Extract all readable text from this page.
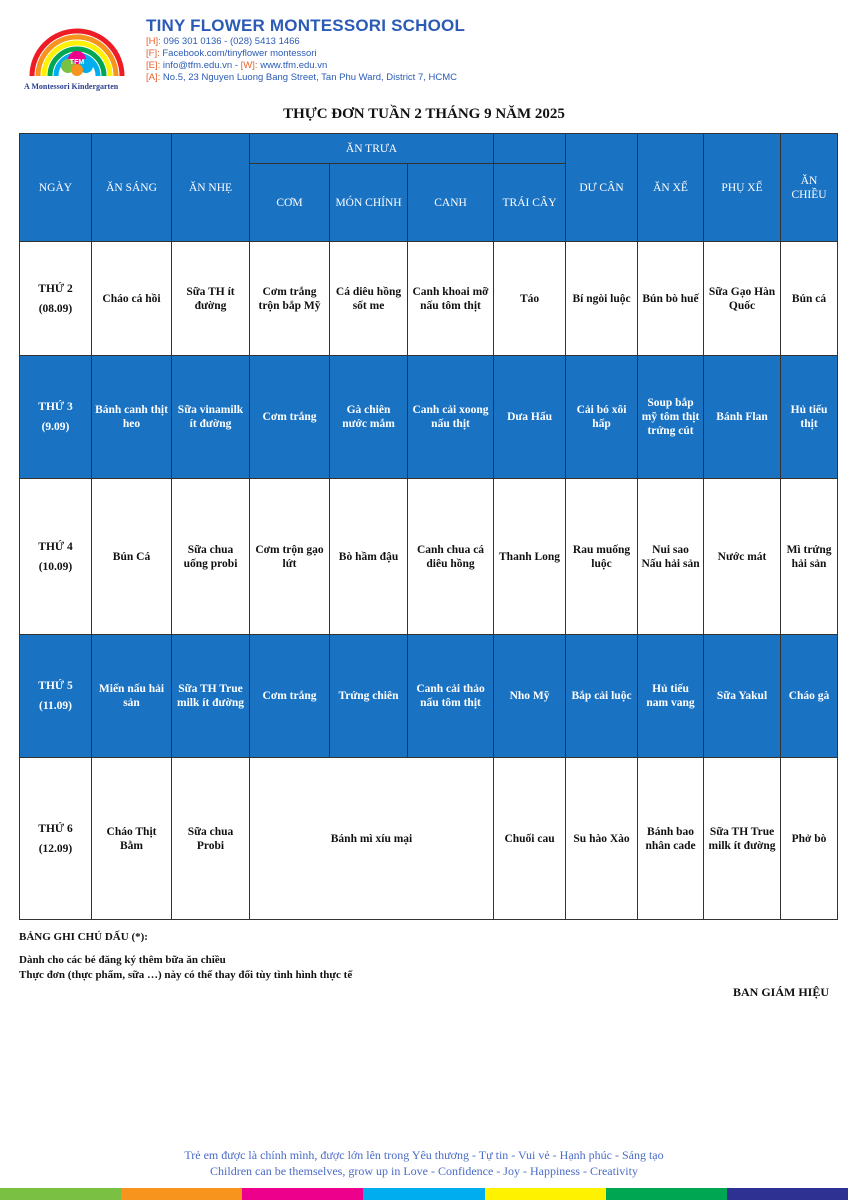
TFM
A Montessori Kindergarten
TINY FLOWER MONTESSORI SCHOOL
[H]: 096 301 0136 - (028) 5413 1466
[F]: Facebook.com/tinyflower montessori
[E]: info@tfm.edu.vn - [W]: www.tfm.edu.vn
[A]: No.5, 23 Nguyen Luong Bang Street, Tan Phu Ward, District 7, HCMC
THỰC ĐƠN TUẦN 2 THÁNG 9 NĂM 2025
NGÀY	ĂN SÁNG	ĂN NHẸ	ĂN TRƯA				DƯ CÂN	ĂN XẾ	PHỤ XẾ	ĂN CHIỀU
			CƠM	MÓN CHÍNH	CANH	TRÁI CÂY				
THỨ 2
(08.09)	Cháo cá hồi	Sữa TH ít đường	Cơm trắng trộn bắp Mỹ	Cá diêu hồng sốt me	Canh khoai mỡ nấu tôm thịt	Táo	Bí ngòi luộc	Bún bò huế	Sữa Gạo Hàn Quốc	Bún cá
THỨ 3
(9.09)	Bánh canh thịt heo	Sữa vinamilk ít đường	Cơm trắng	Gà chiên nước mắm	Canh cải xoong nấu thịt	Dưa Hấu	Cải bó xôi hấp	Soup bắp mỹ tôm thịt trứng cút	Bánh Flan	Hủ tiếu thịt
THỨ 4
(10.09)	Bún Cá	Sữa chua uống probi	Cơm trộn gạo lứt	Bò hầm đậu	Canh chua cá diêu hồng	Thanh Long	Rau muống luộc	Nui sao Nấu hải sản	Nước mát	Mì trứng hải sản
THỨ 5
(11.09)	Miến nấu hải sản	Sữa TH True milk ít đường	Cơm trắng	Trứng chiên	Canh cải thảo nấu tôm thịt	Nho Mỹ	Bắp cải luộc	Hủ tiếu nam vang	Sữa Yakul	Cháo gà
THỨ 6
(12.09)	Cháo Thịt Bằm	Sữa chua Probi	Bánh mì xíu mại			Chuối cau	Su hào Xào	Bánh bao nhân cade	Sữa TH True milk ít đường	Phở bò
BẢNG GHI CHÚ DẤU (*):
Dành cho các bé đăng ký thêm bữa ăn chiều
Thực đơn (thực phẩm, sữa …) này có thể thay đổi tùy tình hình thực tế
BAN GIÁM HIỆU
Trẻ em được là chính mình, được lớn lên trong Yêu thương - Tự tin - Vui vẻ - Hạnh phúc - Sáng tạo
Children can be themselves, grow up in Love - Confidence - Joy - Happiness - Creativity
